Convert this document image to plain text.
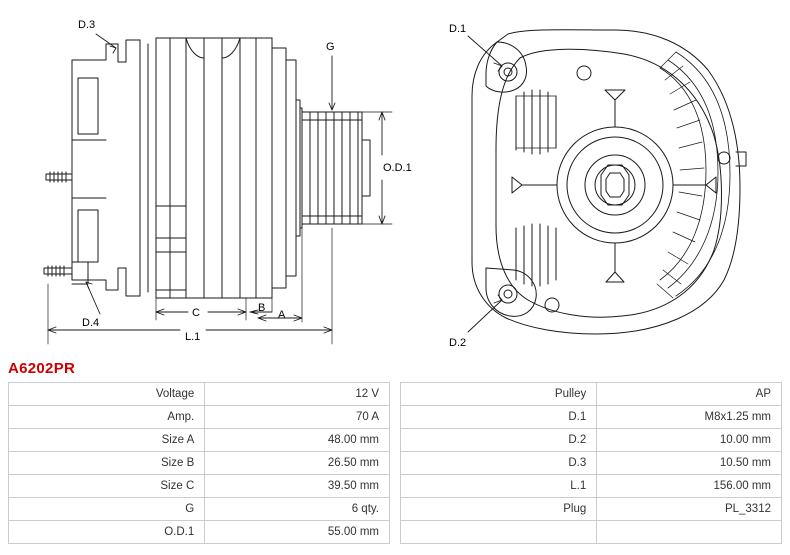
D.3
G
O.D.1
D.4
C	B
A
L.1
D.1
D.2
A6202PR
Voltage	12 V
Amp.	70 A
Size A	48.00 mm
Size B	26.50 mm
Size C	39.50 mm
G	6 qty.
O.D.1	55.00 mm
Pulley	AP
D.1	M8x1.25 mm
D.2	10.00 mm
D.3	10.50 mm
L.1	156.00 mm
Plug	PL_3312
